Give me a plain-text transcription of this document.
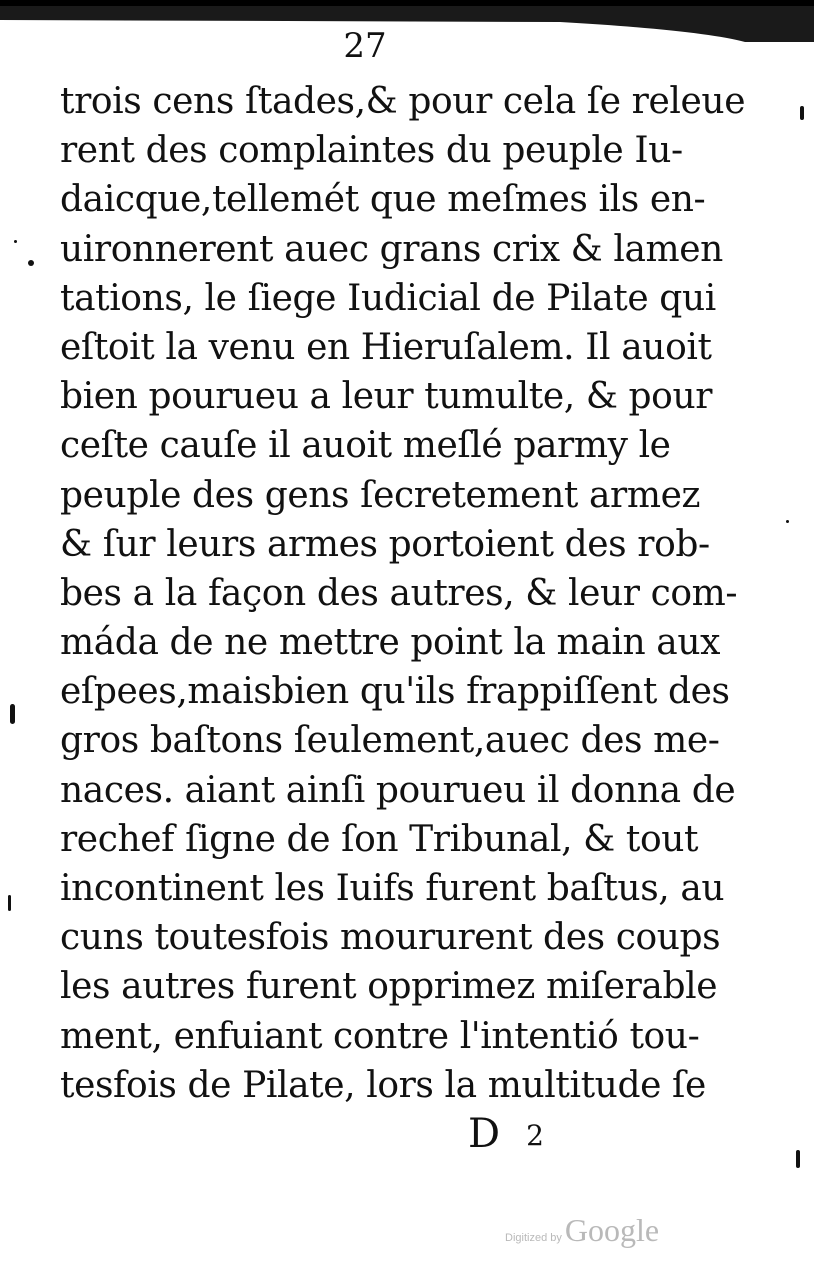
27
trois cens ſtades,& pour cela ſe releue
rent des complaintes du peuple Iu-
daicque,tellemét que meſmes ils en-
uironnerent auec grans crix & lamen
tations, le ſiege Iudicial de Pilate qui
eſtoit la venu en Hieruſalem. Il auoit
bien pourueu a leur tumulte, & pour
ceſte cauſe il auoit meſlé parmy le
peuple des gens ſecretement armez
& ſur leurs armes portoient des rob-
bes a la façon des autres, & leur com-
máda de ne mettre point la main aux
eſpees,maisbien qu'ils frappiſſent des
gros baſtons ſeulement,auec des me-
naces. aiant ainſi pourueu il donna de
rechef ſigne de ſon Tribunal, & tout
incontinent les Iuifs furent baſtus, au
cuns toutesfois moururent des coups
les autres furent opprimez miſerable
ment, enfuiant contre l'intentió tou-
tesfois de Pilate, lors la multitude ſe
D 2
Digitized by Google
